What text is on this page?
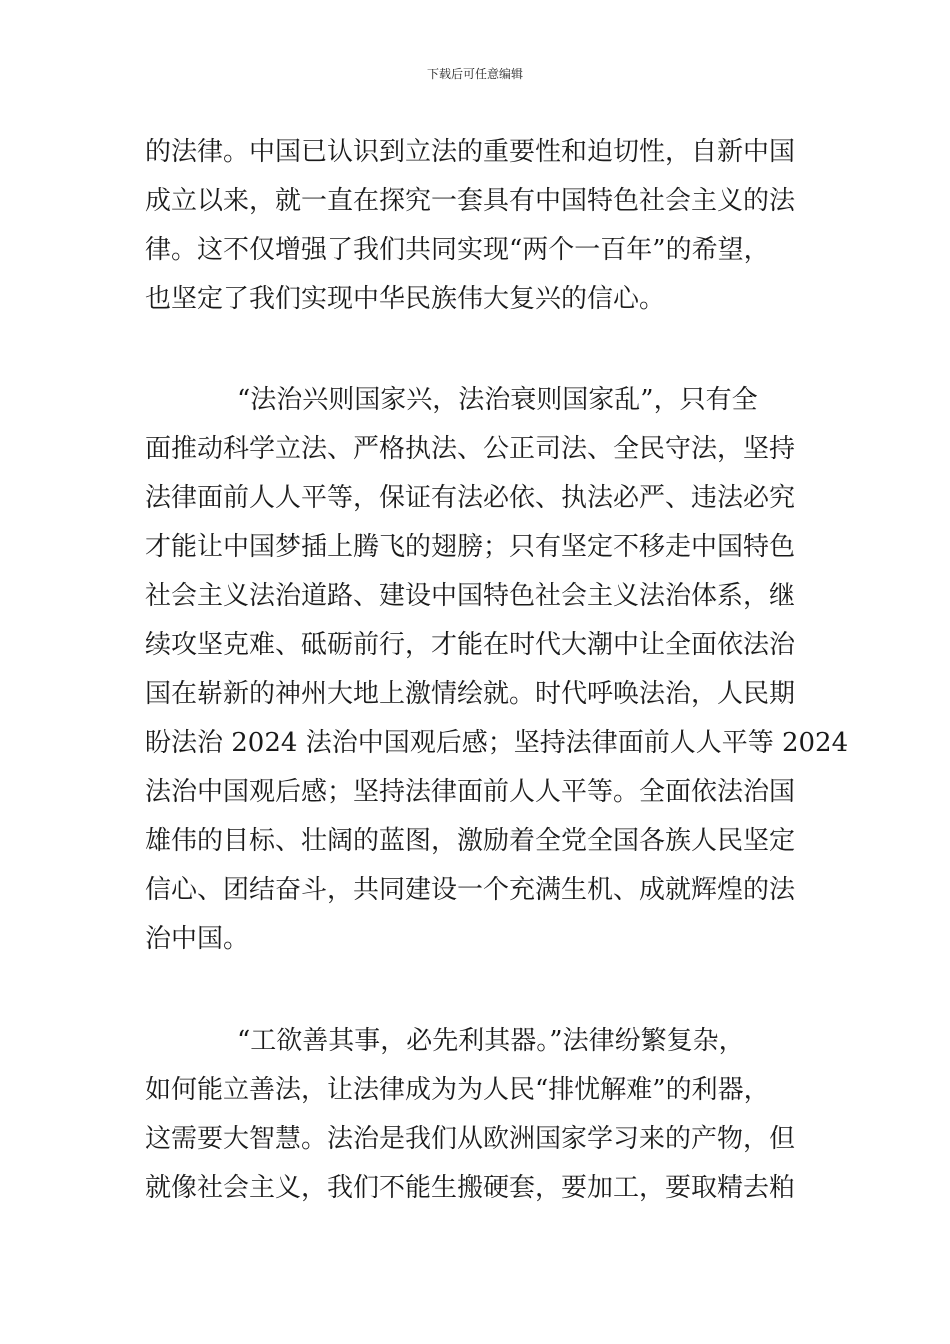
下载后可任意编辑

的法律。中国已认识到立法的重要性和迫切性，自新中国
成立以来，就一直在探究一套具有中国特色社会主义的法
律。这不仅增强了我们共同实现“两个一百年”的希望，
也坚定了我们实现中华民族伟大复兴的信心。

“法治兴则国家兴，法治衰则国家乱”，只有全
面推动科学立法、严格执法、公正司法、全民守法，坚持
法律面前人人平等，保证有法必依、执法必严、违法必究
才能让中国梦插上腾飞的翅膀；只有坚定不移走中国特色
社会主义法治道路、建设中国特色社会主义法治体系，继
续攻坚克难、砥砺前行，才能在时代大潮中让全面依法治
国在崭新的神州大地上激情绘就。时代呼唤法治，人民期
盼法治 2024 法治中国观后感；坚持法律面前人人平等 2024
法治中国观后感；坚持法律面前人人平等。全面依法治国
雄伟的目标、壮阔的蓝图，激励着全党全国各族人民坚定
信心、团结奋斗，共同建设一个充满生机、成就辉煌的法
治中国。

“工欲善其事，必先利其器。”法律纷繁复杂，
如何能立善法，让法律成为为人民“排忧解难”的利器，
这需要大智慧。法治是我们从欧洲国家学习来的产物，但
就像社会主义，我们不能生搬硬套，要加工，要取精去粕
